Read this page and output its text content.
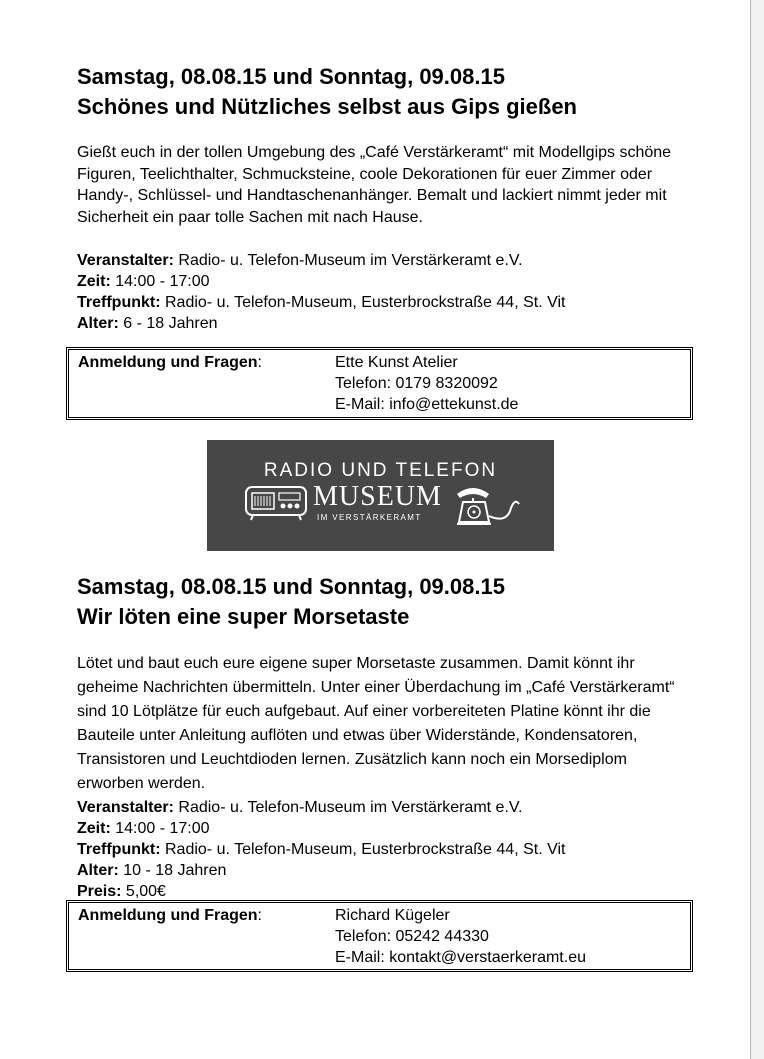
Samstag, 08.08.15 und Sonntag, 09.08.15

Schönes und Nützliches selbst aus Gips gießen

Gießt euch in der tollen Umgebung des „Café Verstärkeramt“ mit Modellgips schöne Figuren, Teelichthalter, Schmucksteine, coole Dekorationen für euer Zimmer oder Handy-, Schlüssel- und Handtaschenanhänger. Bemalt und lackiert nimmt jeder mit Sicherheit ein paar tolle Sachen mit nach Hause.

Veranstalter: Radio- u. Telefon-Museum im Verstärkeramt e.V.
Zeit: 14:00 - 17:00
Treffpunkt: Radio- u. Telefon-Museum, Eusterbrockstraße 44, St. Vit
Alter: 6 - 18 Jahren
Anmeldung und Fragen:	Ette Kunst Atelier
Telefon: 0179 8320092
E-Mail: info@ettekunst.de
RADIO UND TELEFON
MUSEUM
IM VERSTÄRKERAMT

Samstag, 08.08.15 und Sonntag, 09.08.15

Wir löten eine super Morsetaste

Lötet und baut euch eure eigene super Morsetaste zusammen. Damit könnt ihr geheime Nachrichten übermitteln. Unter einer Überdachung im „Café Verstärkeramt“ sind 10 Lötplätze für euch aufgebaut. Auf einer vorbereiteten Platine könnt ihr die Bauteile unter Anleitung auflöten und etwas über Widerstände, Kondensatoren, Transistoren und Leuchtdioden lernen. Zusätzlich kann noch ein Morsediplom erworben werden.

Veranstalter: Radio- u. Telefon-Museum im Verstärkeramt e.V.
Zeit: 14:00 - 17:00
Treffpunkt: Radio- u. Telefon-Museum, Eusterbrockstraße 44, St. Vit
Alter: 10 - 18 Jahren
Preis: 5,00€
Anmeldung und Fragen:	Richard Kügeler
Telefon: 05242 44330
E-Mail: kontakt@verstaerkeramt.eu
